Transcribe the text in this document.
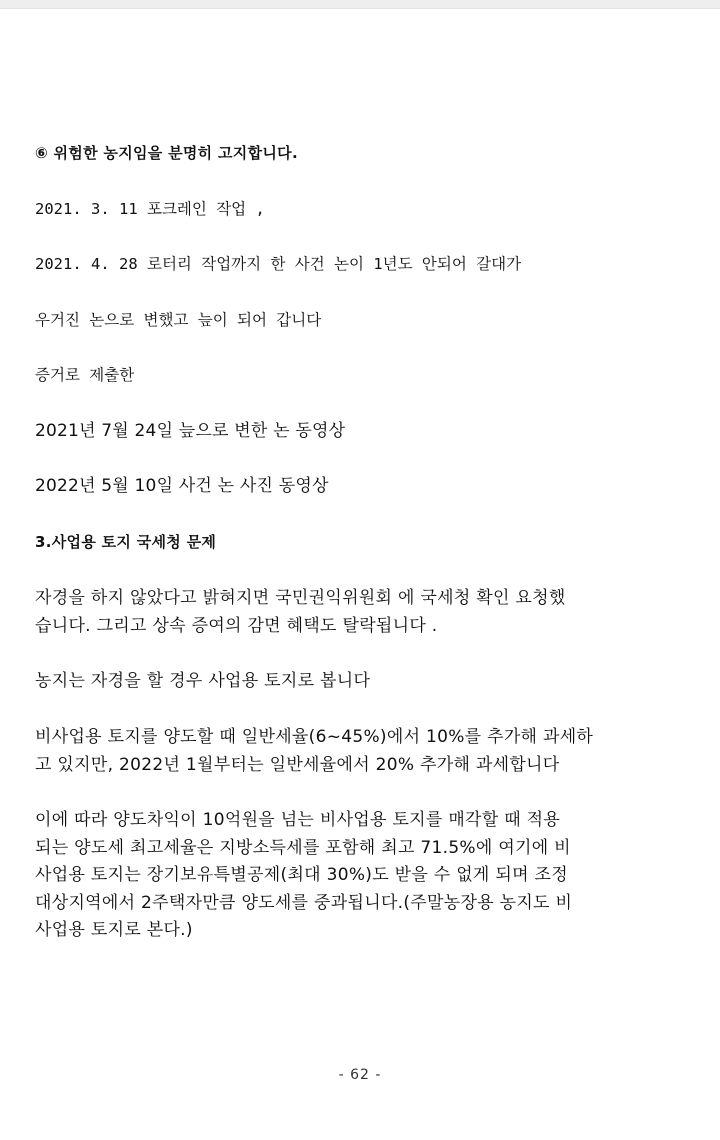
⑥ 위험한 농지임을 분명히 고지합니다.
2021. 3. 11 포크레인 작업 ,
2021. 4. 28 로터리 작업까지 한 사건 논이 1년도 안되어 갈대가
우거진 논으로 변했고 늪이 되어 갑니다
증거로 제출한
2021년 7월 24일 늪으로 변한 논 동영상
2022년 5월 10일 사건 논 사진 동영상
3.사업용 토지 국세청 문제

자경을 하지 않았다고 밝혀지면 국민권익위원회 에 국세청 확인 요청했
습니다. 그리고 상속 증여의 감면 혜택도 탈락됩니다 .

농지는 자경을 할 경우 사업용 토지로 봅니다

비사업용 토지를 양도할 때 일반세율(6~45%)에서 10%를 추가해 과세하
고 있지만, 2022년 1월부터는 일반세율에서 20% 추가해 과세합니다

이에 따라 양도차익이 10억원을 넘는 비사업용 토지를 매각할 때 적용
되는 양도세 최고세율은 지방소득세를 포함해 최고 71.5%에 여기에 비
사업용 토지는 장기보유특별공제(최대 30%)도 받을 수 없게 되며 조정
대상지역에서 2주택자만큼 양도세를 중과됩니다.(주말농장용 농지도 비
사업용 토지로 본다.)

- 62 -
